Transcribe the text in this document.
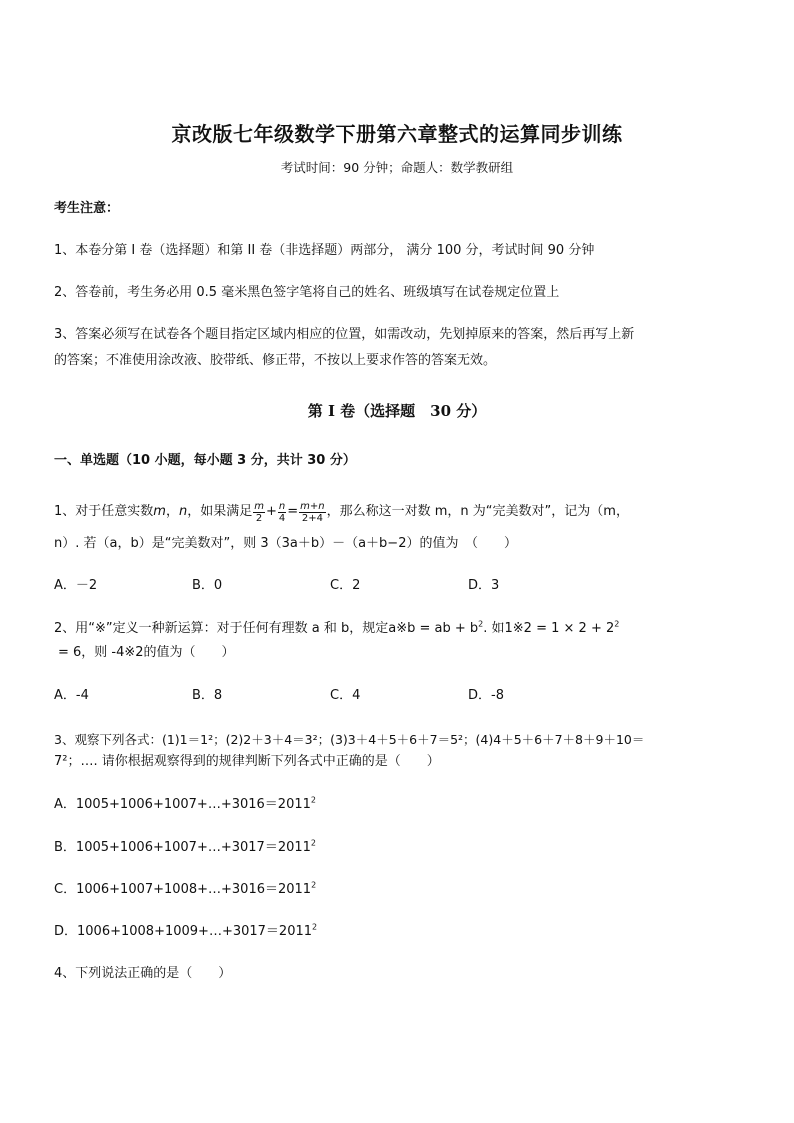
京改版七年级数学下册第六章整式的运算同步训练
考试时间：90 分钟；命题人：数学教研组
考生注意：
1、本卷分第 I 卷（选择题）和第 II 卷（非选择题）两部分， 满分 100 分，考试时间 90 分钟
2、答卷前，考生务必用 0.5 毫米黑色签字笔将自己的姓名、班级填写在试卷规定位置上
3、答案必须写在试卷各个题目指定区域内相应的位置，如需改动，先划掉原来的答案，然后再写上新
的答案；不准使用涂改液、胶带纸、修正带，不按以上要求作答的答案无效。
第 I 卷（选择题　30 分）
一、单选题（10 小题，每小题 3 分，共计 30 分）
1、对于任意实数 m ， n ，如果满足 $\frac{m}{2} + \frac{n}{4} = \frac{m+n}{2+4}$ ，那么称这一对数 m，n 为“完美数对”，记为（m，
n）. 若（a，b）是“完美数对”，则 3（3a＋b）－（a＋b−2）的值为　（　　）
A．－2	B．0	C．2	D．3
2、用“※”定义一种新运算：对于任何有理数 a 和 b，规定a※b = ab + $b^2$. 如1※2 = $1 \times 2 + 2^2$
= 6，则 -4※2的值为（　　）
A．-4	B．8	C．4	D．-8
3、观察下列各式：(1)1＝1²；(2)2＋3＋4＝3²；(3)3＋4＋5＋6＋7＝5²；(4)4＋5＋6＋7＋8＋9＋10＝
7²；…. 请你根据观察得到的规律判断下列各式中正确的是（　　）
A．$1005+1006+1007+\dots+3016=2011^2$
B．$1005+1006+1007+\dots+3017=2011^2$
C．$1006+1007+1008+\dots+3016=2011^2$
D．$1006+1008+1009+\dots+3017=2011^2$
4、下列说法正确的是（　　）
